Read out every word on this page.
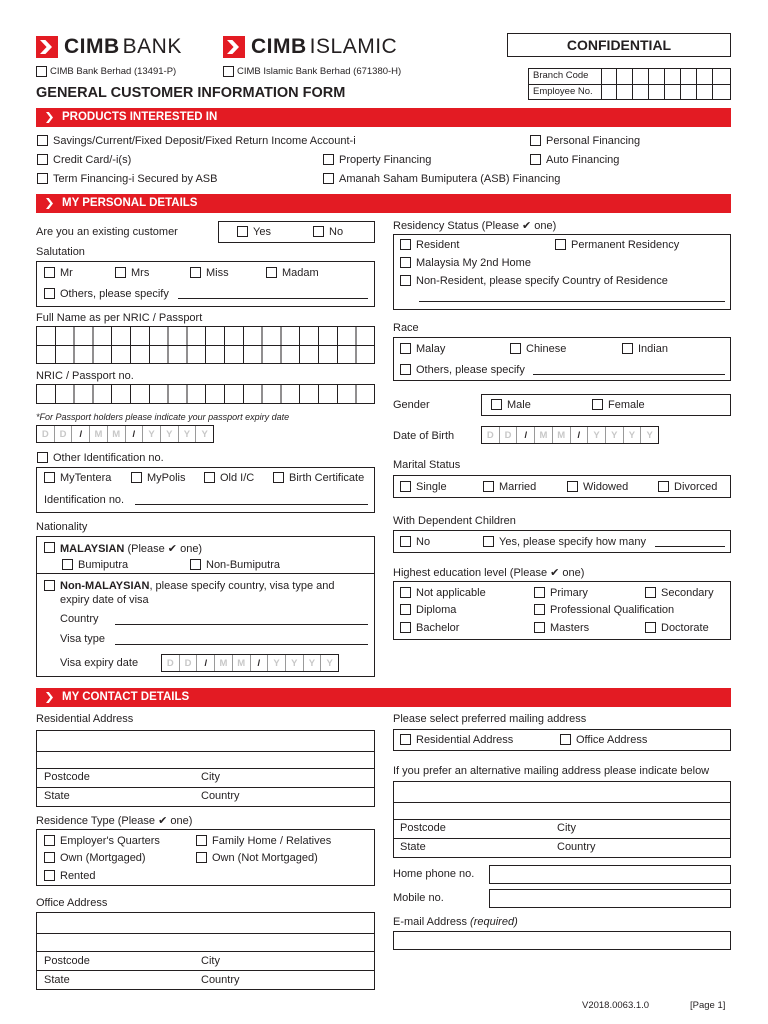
CIMB BANK	CIMB ISLAMIC	CONFIDENTIAL
CIMB Bank Berhad (13491-P)	CIMB Islamic Bank Berhad (671380-H)	Branch Code
Employee No.
GENERAL CUSTOMER INFORMATION FORM
PRODUCTS INTERESTED IN
Savings/Current/Fixed Deposit/Fixed Return Income Account-i	Personal Financing
Credit Card/-i(s)	Property Financing	Auto Financing
Term Financing-i Secured by ASB	Amanah Saham Bumiputera (ASB) Financing
MY PERSONAL DETAILS
Are you an existing customer	Yes	No
Salutation
Mr	Mrs	Miss	Madam
Others, please specify
Full Name as per NRIC / Passport
NRIC / Passport no.
*For Passport holders please indicate your passport expiry date
D	D	/	M	M	/	Y	Y	Y	Y
Other Identification no.
MyTentera	MyPolis	Old I/C	Birth Certificate
Identification no.
Nationality
MALAYSIAN (Please ✔ one)
Bumiputra	Non-Bumiputra
Non-MALAYSIAN, please specify country, visa type and
expiry date of visa
Country
Visa type
Visa expiry date	D	D	/	M	M	/	Y	Y	Y	Y
Residency Status (Please ✔ one)
Resident	Permanent Residency
Malaysia My 2nd Home
Non-Resident, please specify Country of Residence
Race
Malay	Chinese	Indian
Others, please specify
Gender	Male	Female
Date of Birth	D	D	/	M	M	/	Y	Y	Y	Y
Marital Status
Single	Married	Widowed	Divorced
With Dependent Children
No	Yes, please specify how many
Highest education level (Please ✔ one)
Not applicable	Primary	Secondary
Diploma	Professional Qualification
Bachelor	Masters	Doctorate
MY CONTACT DETAILS
Residential Address
Postcode	City
State	Country
Residence Type (Please ✔ one)
Employer's Quarters	Family Home / Relatives
Own (Mortgaged)	Own (Not Mortgaged)
Rented
Office Address
Postcode	City
State	Country
Please select preferred mailing address
Residential Address	Office Address
If you prefer an alternative mailing address please indicate below
Postcode	City
State	Country
Home phone no.
Mobile no.
E-mail Address (required)
V2018.0063.1.0	[Page 1]
